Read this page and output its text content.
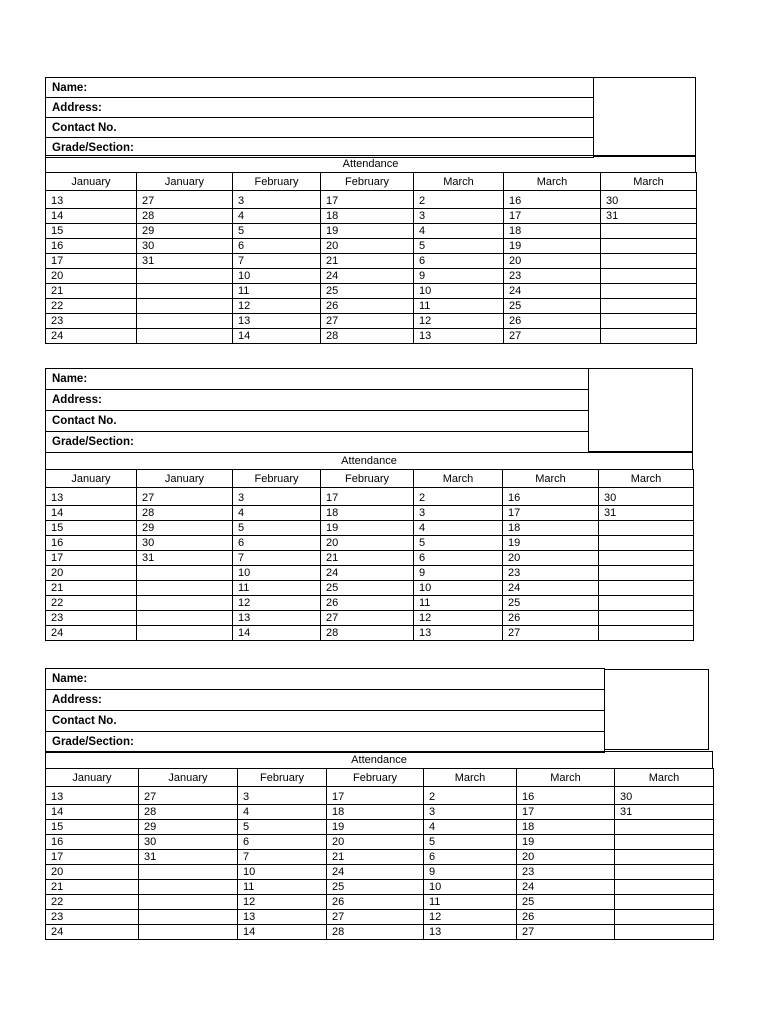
Name:
Address:
Contact No.
Grade/Section:
Attendance
January	January	February	February	March	March	March
13	27	3	17	2	16	30
14	28	4	18	3	17	31
15	29	5	19	4	18	
16	30	6	20	5	19	
17	31	7	21	6	20	
20		10	24	9	23	
21		11	25	10	24	
22		12	26	11	25	
23		13	27	12	26	
24		14	28	13	27	
Name:
Address:
Contact No.
Grade/Section:
Attendance
January	January	February	February	March	March	March
13	27	3	17	2	16	30
14	28	4	18	3	17	31
15	29	5	19	4	18	
16	30	6	20	5	19	
17	31	7	21	6	20	
20		10	24	9	23	
21		11	25	10	24	
22		12	26	11	25	
23		13	27	12	26	
24		14	28	13	27	
Name:
Address:
Contact No.
Grade/Section:
Attendance
January	January	February	February	March	March	March
13	27	3	17	2	16	30
14	28	4	18	3	17	31
15	29	5	19	4	18	
16	30	6	20	5	19	
17	31	7	21	6	20	
20		10	24	9	23	
21		11	25	10	24	
22		12	26	11	25	
23		13	27	12	26	
24		14	28	13	27	
